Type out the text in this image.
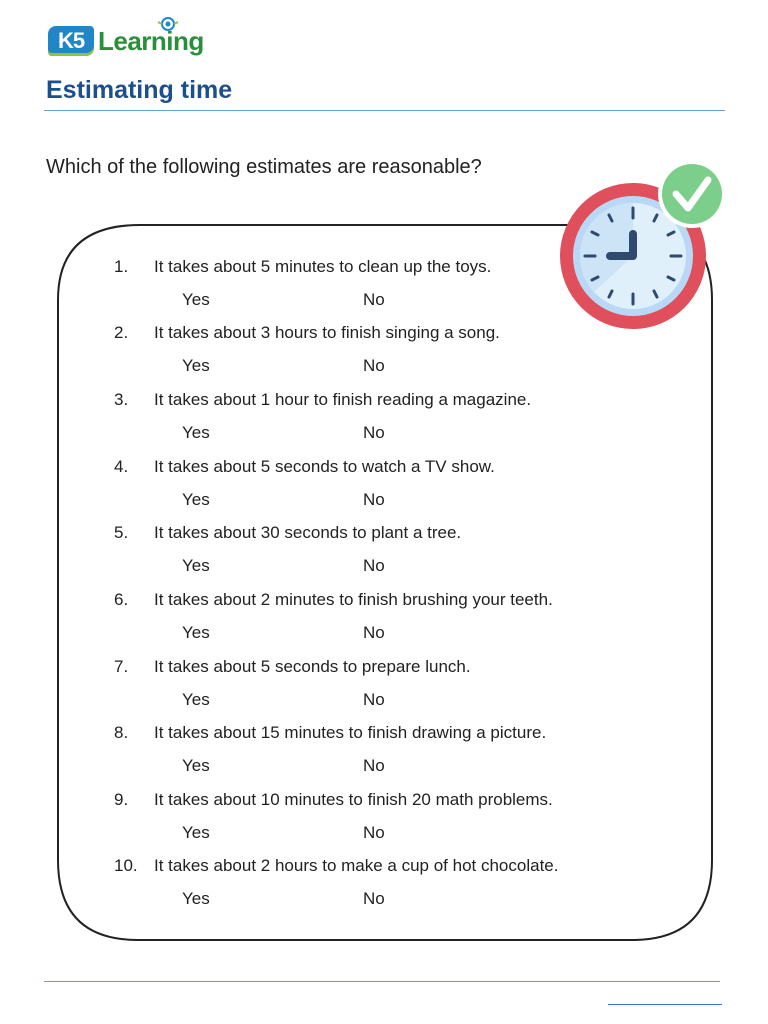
K5 Learning
Estimating time

Which of the following estimates are reasonable?

1. It takes about 5 minutes to clean up the toys.
Yes	No
2. It takes about 3 hours to finish singing a song.
Yes	No
3. It takes about 1 hour to finish reading a magazine.
Yes	No
4. It takes about 5 seconds to watch a TV show.
Yes	No
5. It takes about 30 seconds to plant a tree.
Yes	No
6. It takes about 2 minutes to finish brushing your teeth.
Yes	No
7. It takes about 5 seconds to prepare lunch.
Yes	No
8. It takes about 15 minutes to finish drawing a picture.
Yes	No
9. It takes about 10 minutes to finish 20 math problems.
Yes	No
10. It takes about 2 hours to make a cup of hot chocolate.
Yes	No
